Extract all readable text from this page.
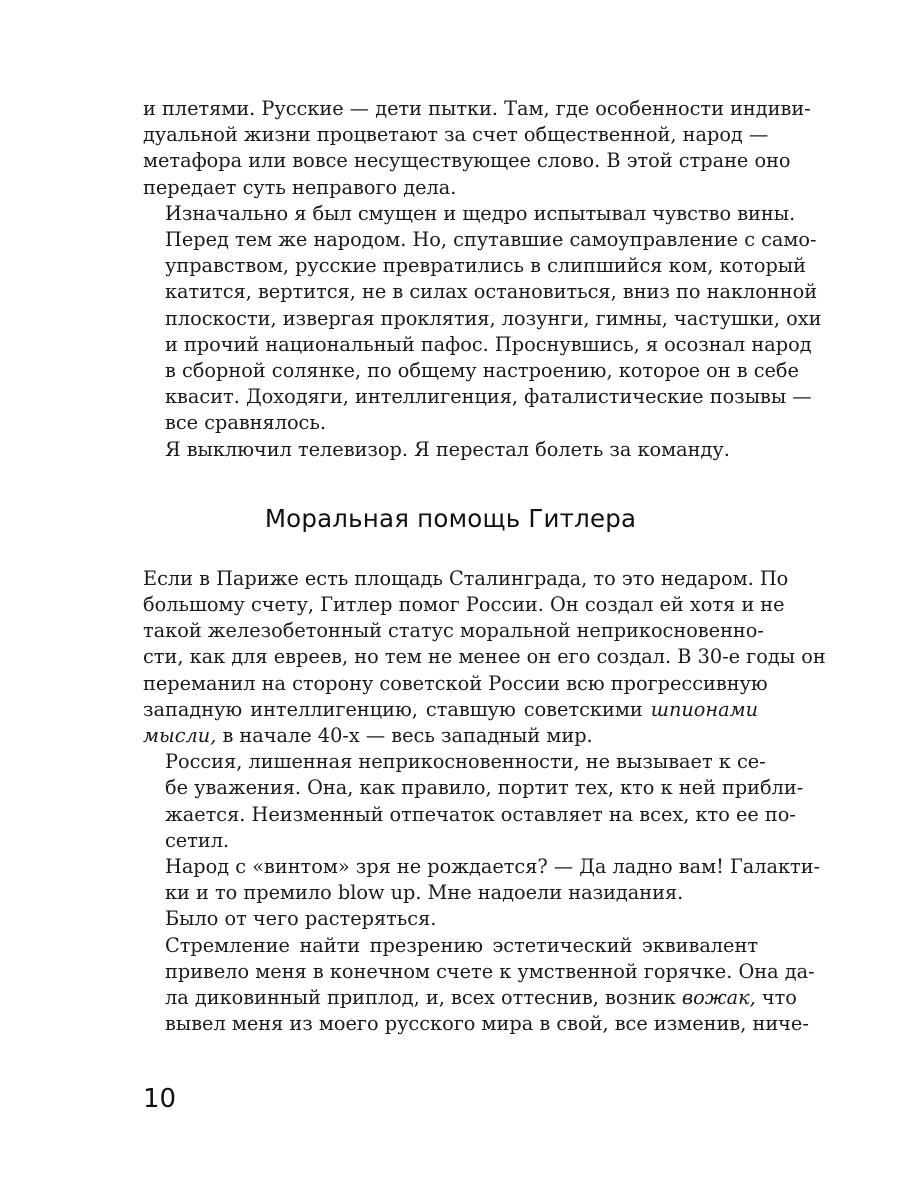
и плетями. Русские — дети пытки. Там, где особенности индиви-
дуальной жизни процветают за счет общественной, народ —
метафора или вовсе несуществующее слово. В этой стране оно
передает суть неправого дела.

Изначально я был смущен и щедро испытывал чувство вины.
Перед тем же народом. Но, спутавшие самоуправление с само-
управством, русские превратились в слипшийся ком, который
катится, вертится, не в силах остановиться, вниз по наклонной
плоскости, извергая проклятия, лозунги, гимны, частушки, охи
и прочий национальный пафос. Проснувшись, я осознал народ
в сборной солянке, по общему настроению, которое он в себе
квасит. Доходяги, интеллигенция, фаталистические позывы —
все сравнялось.

Я выключил телевизор. Я перестал болеть за команду.

Моральная помощь Гитлера

Если в Париже есть площадь Сталинграда, то это недаром. По
большому счету, Гитлер помог России. Он создал ей хотя и не
такой железобетонный статус моральной неприкосновенно-
сти, как для евреев, но тем не менее он его создал. В 30-е годы он
переманил на сторону советской России всю прогрессивную
западную интеллигенцию, ставшую советскими шпионами
мысли, в начале 40-х — весь западный мир.

Россия, лишенная неприкосновенности, не вызывает к се-
бе уважения. Она, как правило, портит тех, кто к ней прибли-
жается. Неизменный отпечаток оставляет на всех, кто ее по-
сетил.

Народ с «винтом» зря не рождается? — Да ладно вам! Галакти-
ки и то премило blow up. Мне надоели назидания.

Было от чего растеряться.

Стремление найти презрению эстетический эквивалент
привело меня в конечном счете к умственной горячке. Она да-
ла диковинный приплод, и, всех оттеснив, возник вожак, что
вывел меня из моего русского мира в свой, все изменив, ниче-

10
